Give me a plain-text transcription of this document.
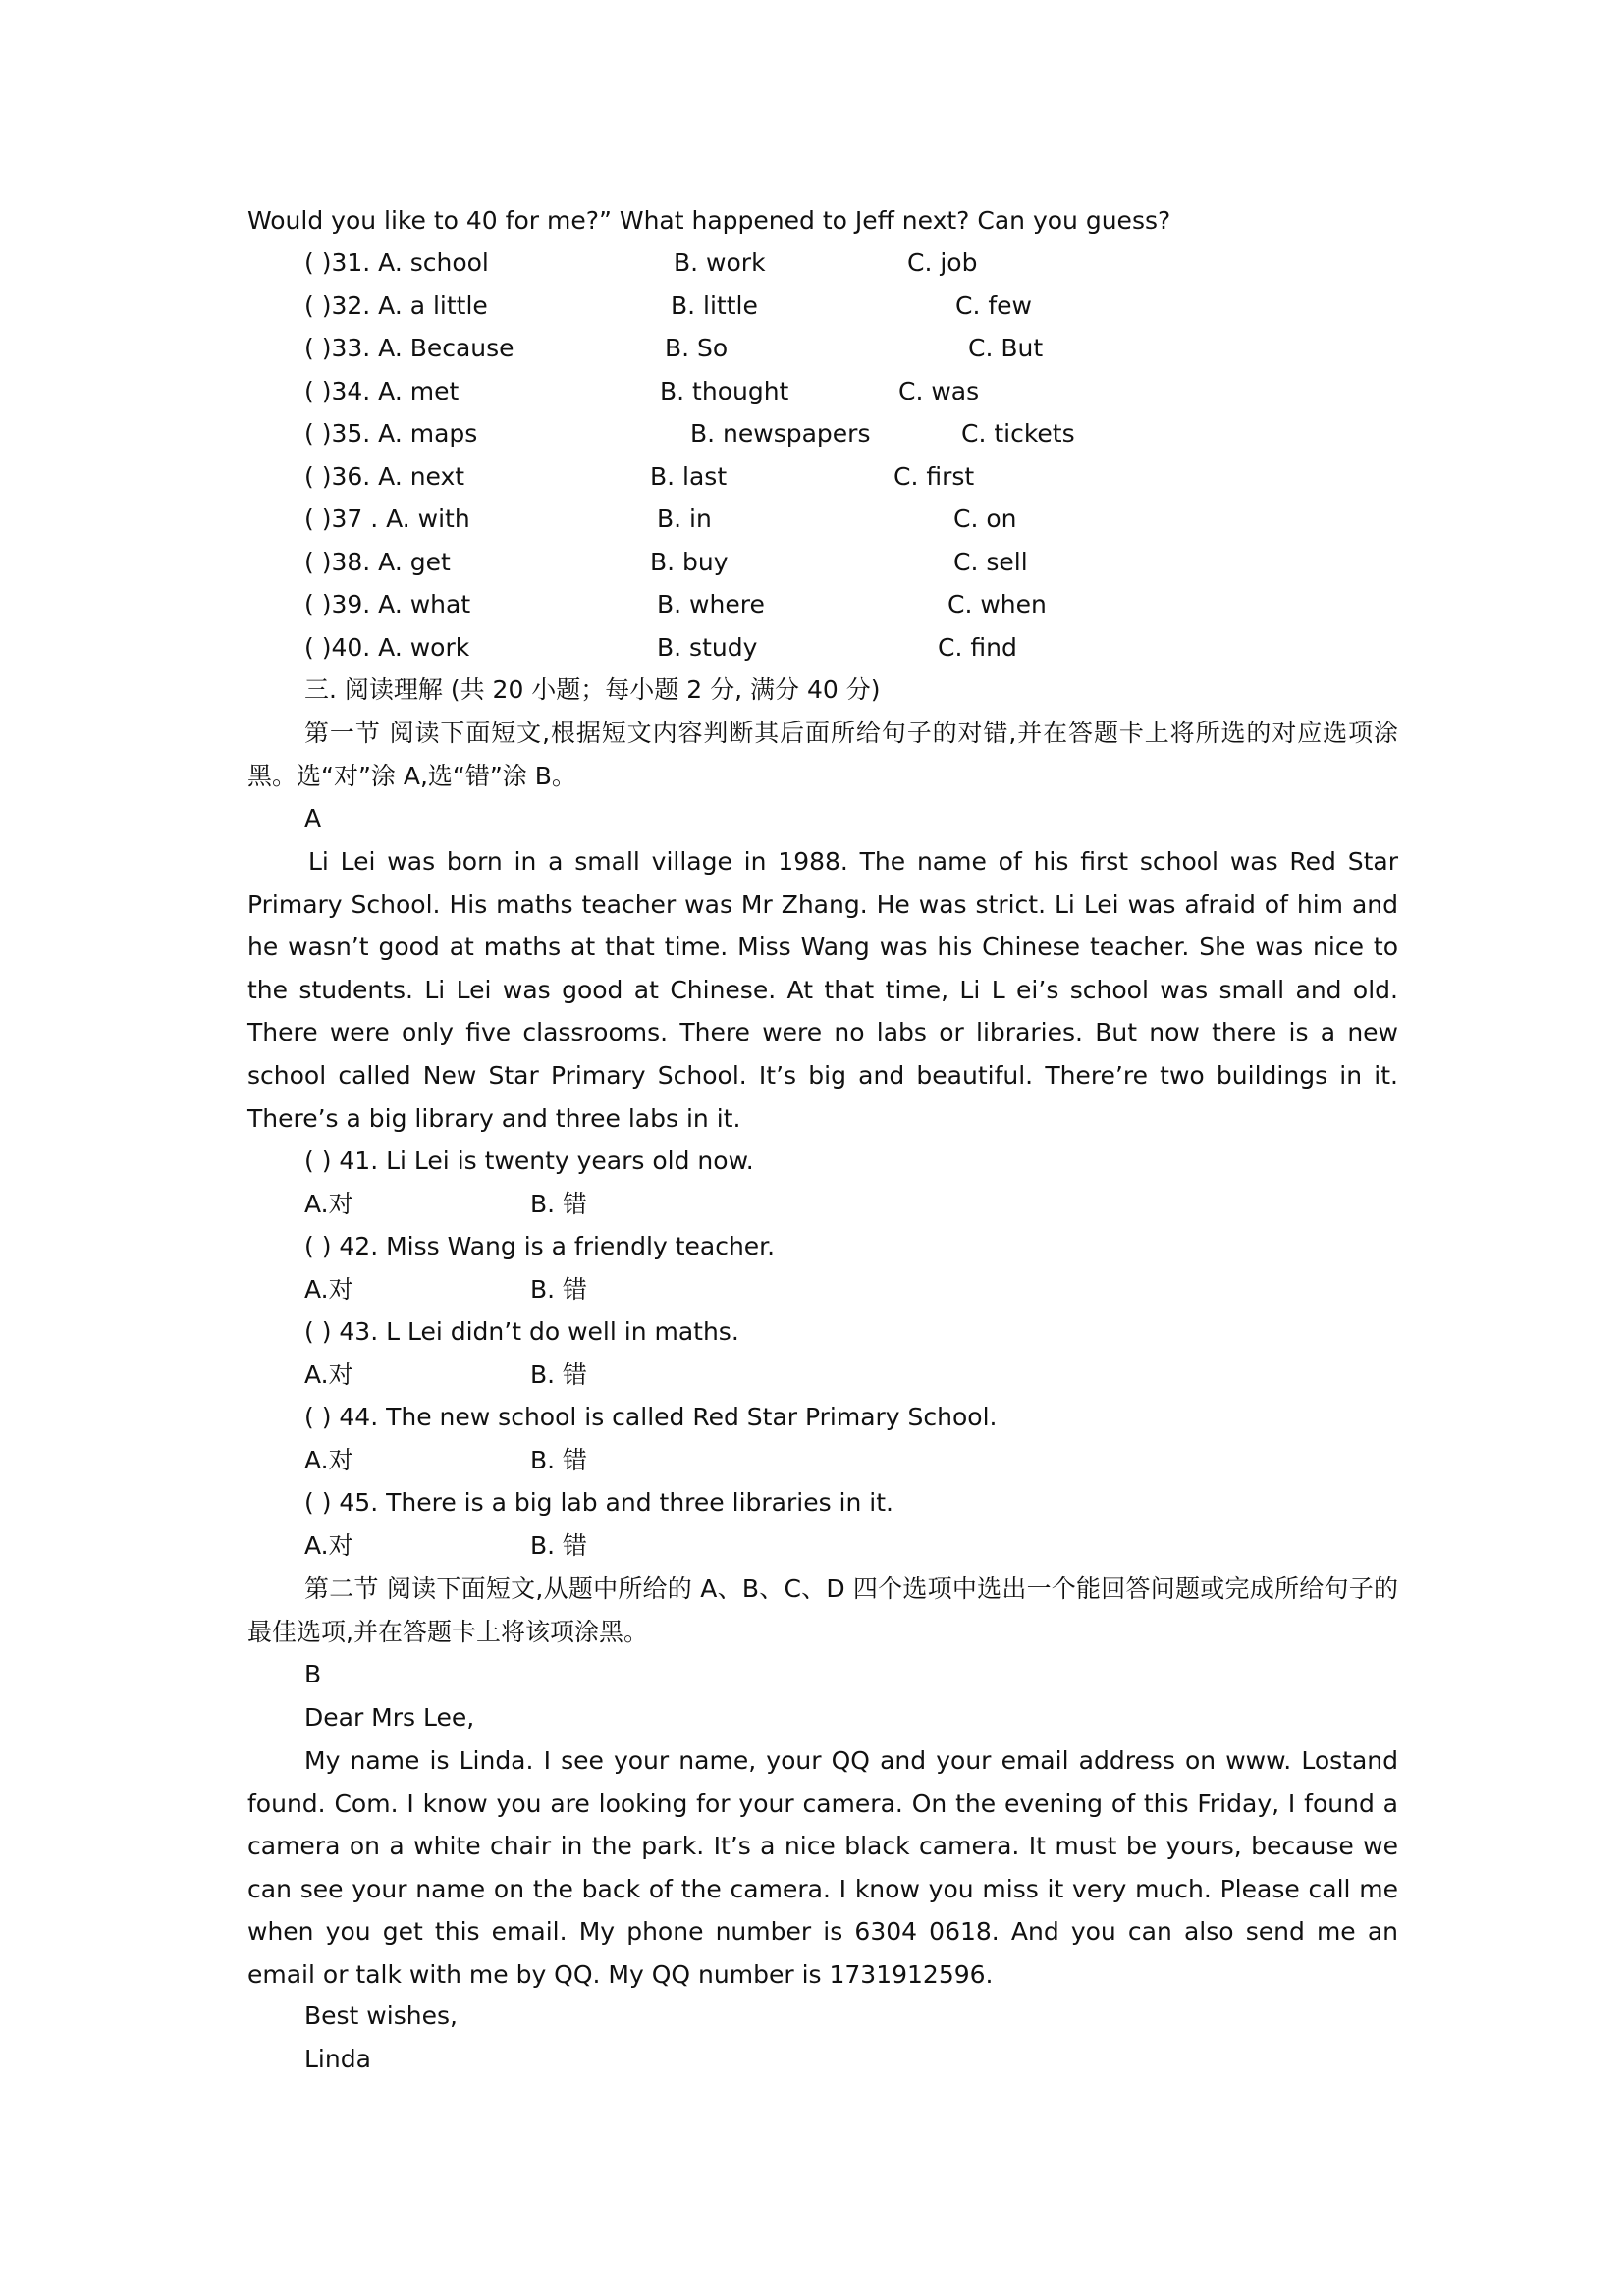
Would you like to 40 for me?” What happened to Jeff next? Can you guess?
( )31. A. school	B. work	C. job
( )32. A. a little	B. little	C. few
( )33. A. Because	B. So	C. But
( )34. A. met	B. thought	C. was
( )35. A. maps	B. newspapers	C. tickets
( )36. A. next	B. last	C. first
( )37 . A. with	B. in	C. on
( )38. A. get	B. buy	C. sell
( )39. A. what	B. where	C. when
( )40. A. work	B. study	C. find
三. 阅读理解 (共 20 小题；每小题 2 分, 满分 40 分)
第一节 阅读下面短文,根据短文内容判断其后面所给句子的对错,并在答题卡上将所选的对应选项涂黑。选“对”涂 A,选“错”涂 B。
A
Li Lei was born in a small village in 1988. The name of his first school was Red Star Primary School. His maths teacher was Mr Zhang. He was strict. Li Lei was afraid of him and he wasn’t good at maths at that time. Miss Wang was his Chinese teacher. She was nice to the students. Li Lei was good at Chinese. At that time, Li L ei’s school was small and old. There were only five classrooms. There were no labs or libraries. But now there is a new school called New Star Primary School. It’s big and beautiful. There’re two buildings in it. There’s a big library and three labs in it.
( ) 41. Li Lei is twenty years old now.
A.对	B. 错
( ) 42. Miss Wang is a friendly teacher.
A.对	B. 错
( ) 43. L Lei didn’t do well in maths.
A.对	B. 错
( ) 44. The new school is called Red Star Primary School.
A.对	B. 错
( ) 45. There is a big lab and three libraries in it.
A.对	B. 错
第二节 阅读下面短文,从题中所给的 A、B、C、D 四个选项中选出一个能回答问题或完成所给句子的最佳选项,并在答题卡上将该项涂黑。
B
Dear Mrs Lee,
My name is Linda. I see your name, your QQ and your email address on www. Lostand found. Com. I know you are looking for your camera. On the evening of this Friday, I found a camera on a white chair in the park. It’s a nice black camera. It must be yours, because we can see your name on the back of the camera. I know you miss it very much. Please call me when you get this email. My phone number is 6304 0618. And you can also send me an email or talk with me by QQ. My QQ number is 1731912596.
Best wishes,
Linda
